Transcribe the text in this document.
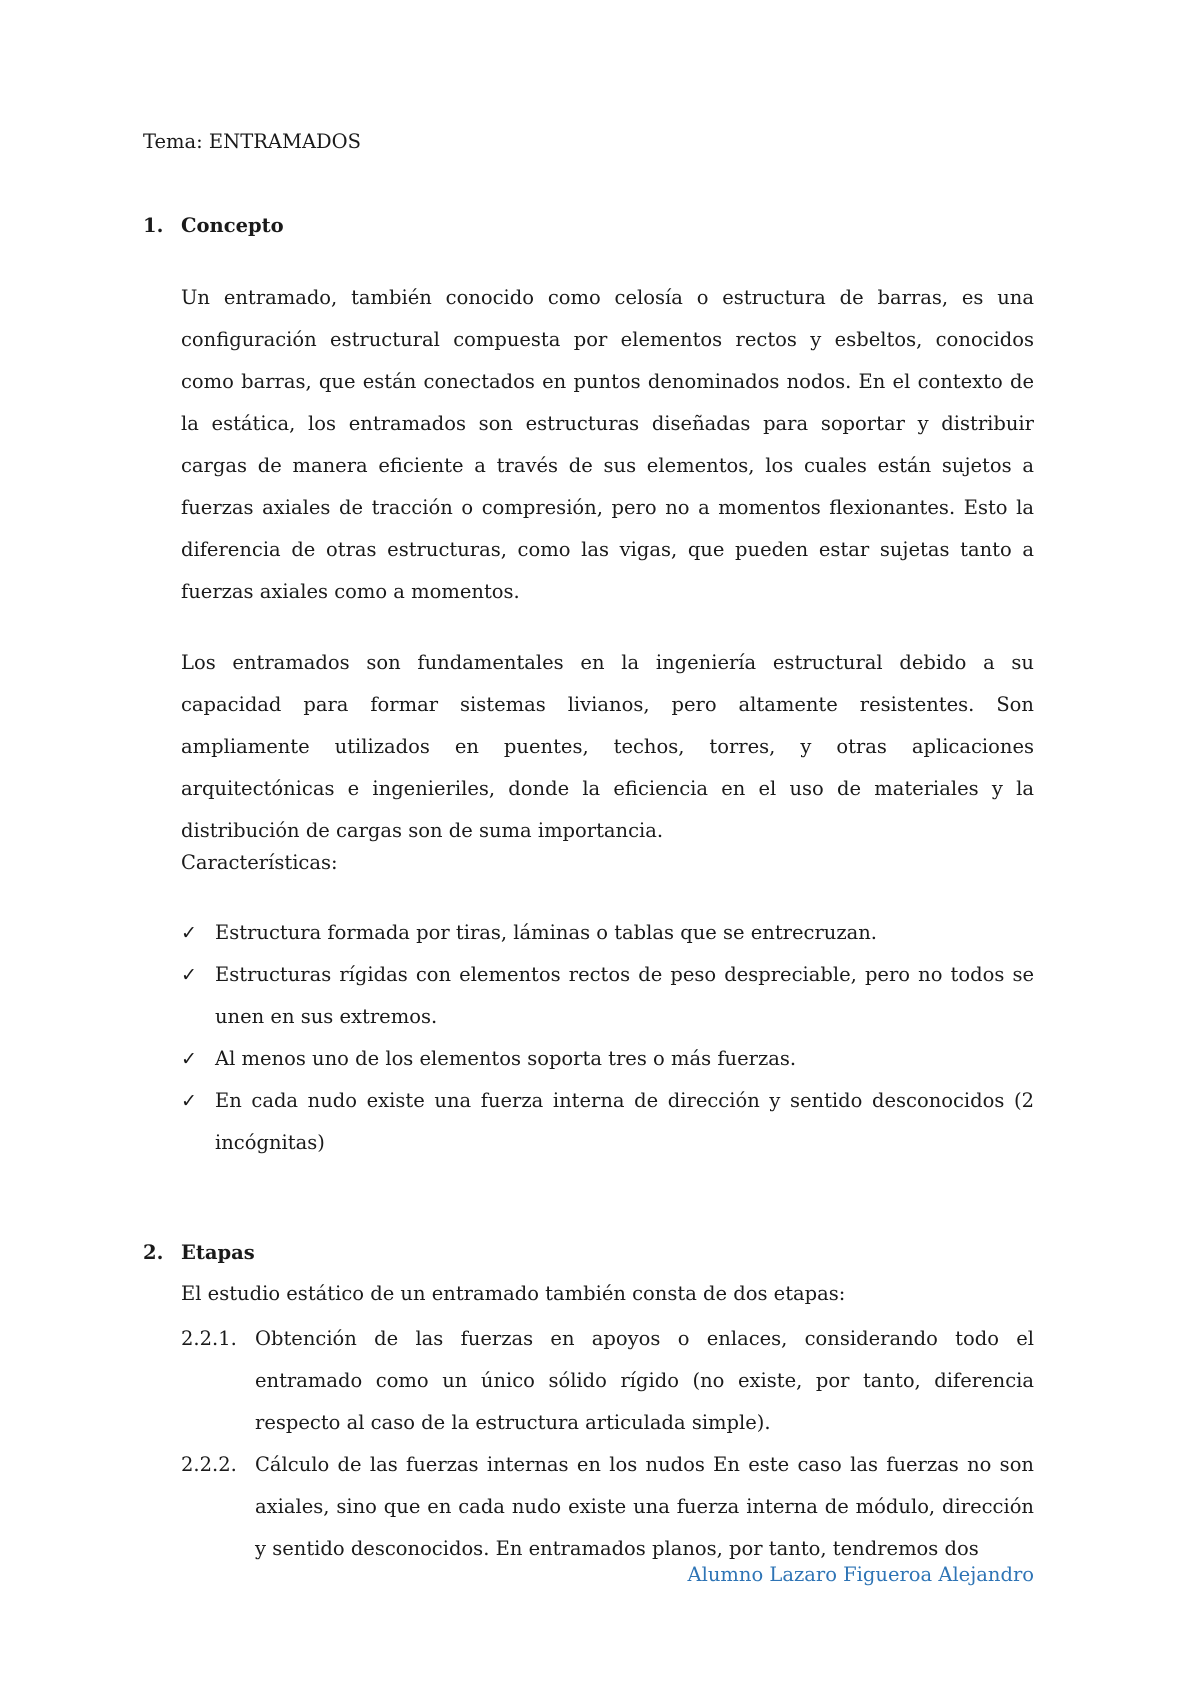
Tema: ENTRAMADOS
1. Concepto

Un entramado, también conocido como celosía o estructura de barras, es una configuración estructural compuesta por elementos rectos y esbeltos, conocidos como barras, que están conectados en puntos denominados nodos. En el contexto de la estática, los entramados son estructuras diseñadas para soportar y distribuir cargas de manera eficiente a través de sus elementos, los cuales están sujetos a fuerzas axiales de tracción o compresión, pero no a momentos flexionantes. Esto la diferencia de otras estructuras, como las vigas, que pueden estar sujetas tanto a fuerzas axiales como a momentos.

Los entramados son fundamentales en la ingeniería estructural debido a su capacidad para formar sistemas livianos, pero altamente resistentes. Son ampliamente utilizados en puentes, techos, torres, y otras aplicaciones arquitectónicas e ingenieriles, donde la eficiencia en el uso de materiales y la distribución de cargas son de suma importancia.

Características:
✓ Estructura formada por tiras, láminas o tablas que se entrecruzan.
✓ Estructuras rígidas con elementos rectos de peso despreciable, pero no todos se unen en sus extremos.
✓ Al menos uno de los elementos soporta tres o más fuerzas.
✓ En cada nudo existe una fuerza interna de dirección y sentido desconocidos (2 incógnitas)
2. Etapas
El estudio estático de un entramado también consta de dos etapas:
2.2.1. Obtención de las fuerzas en apoyos o enlaces, considerando todo el entramado como un único sólido rígido (no existe, por tanto, diferencia respecto al caso de la estructura articulada simple).
2.2.2. Cálculo de las fuerzas internas en los nudos En este caso las fuerzas no son axiales, sino que en cada nudo existe una fuerza interna de módulo, dirección y sentido desconocidos. En entramados planos, por tanto, tendremos dos
Alumno Lazaro Figueroa Alejandro
